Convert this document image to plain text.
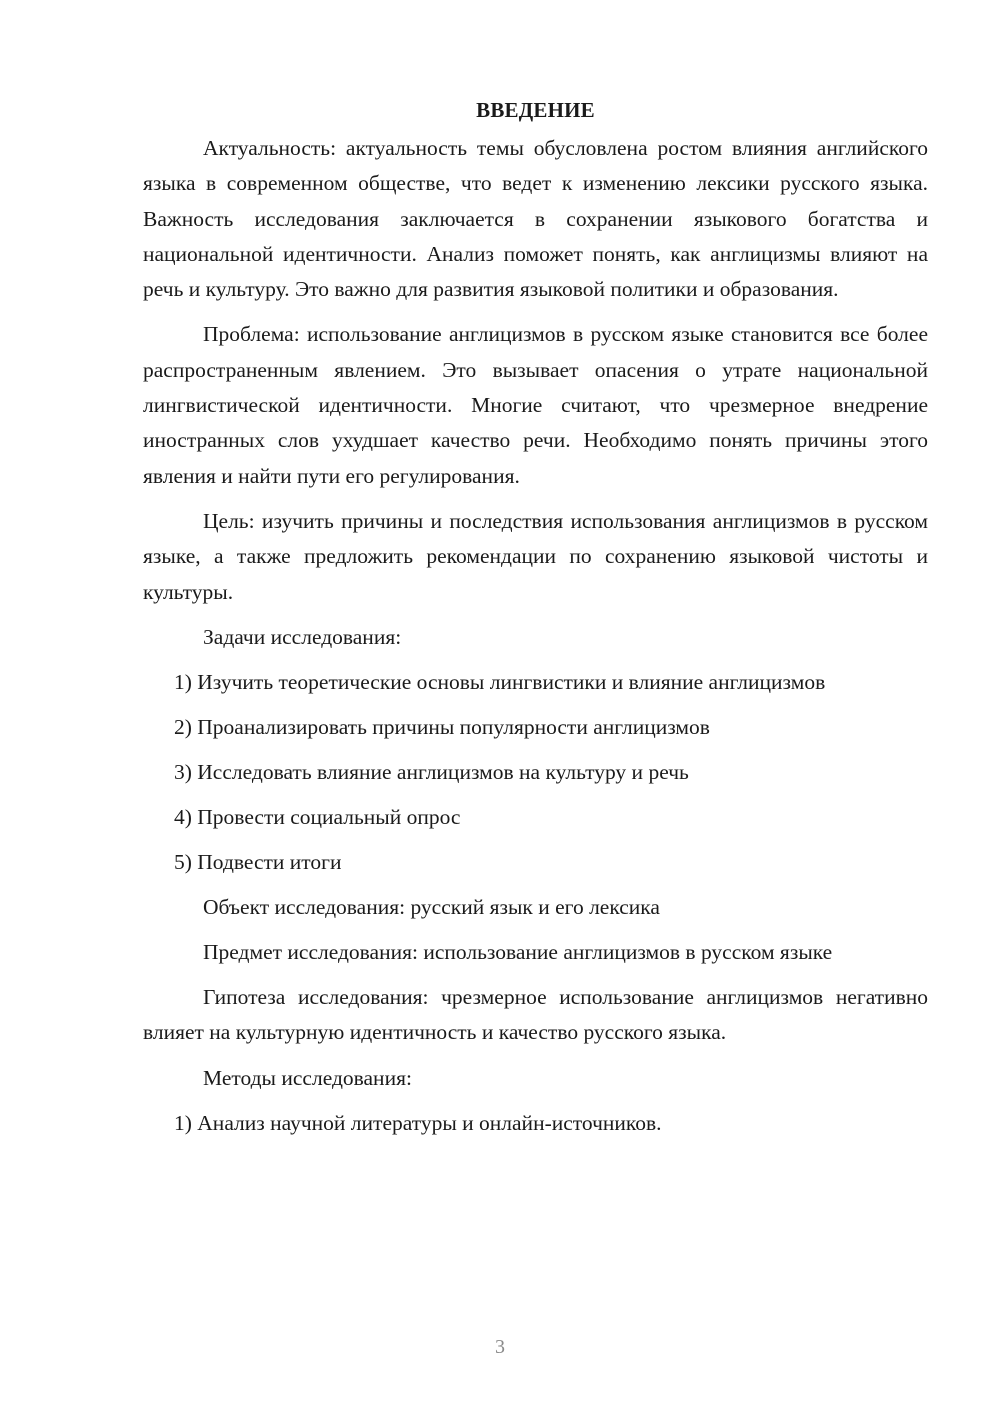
ВВЕДЕНИЕ

Актуальность: актуальность темы обусловлена ростом влияния английского языка в современном обществе, что ведет к изменению лексики русского языка. Важность исследования заключается в сохранении языкового богатства и национальной идентичности. Анализ поможет понять, как англицизмы влияют на речь и культуру. Это важно для развития языковой политики и образования.

Проблема: использование англицизмов в русском языке становится все более распространенным явлением. Это вызывает опасения о утрате национальной лингвистической идентичности. Многие считают, что чрезмерное внедрение иностранных слов ухудшает качество речи. Необходимо понять причины этого явления и найти пути его регулирования.

Цель: изучить причины и последствия использования англицизмов в русском языке, а также предложить рекомендации по сохранению языковой чистоты и культуры.

Задачи исследования:

1) Изучить теоретические основы лингвистики и влияние англицизмов

2) Проанализировать причины популярности англицизмов

3) Исследовать влияние англицизмов на культуру и речь

4) Провести социальный опрос

5) Подвести итоги

Объект исследования: русский язык и его лексика

Предмет исследования: использование англицизмов в русском языке

Гипотеза исследования: чрезмерное использование англицизмов негативно влияет на культурную идентичность и качество русского языка.

Методы исследования:

1) Анализ научной литературы и онлайн-источников.

3
